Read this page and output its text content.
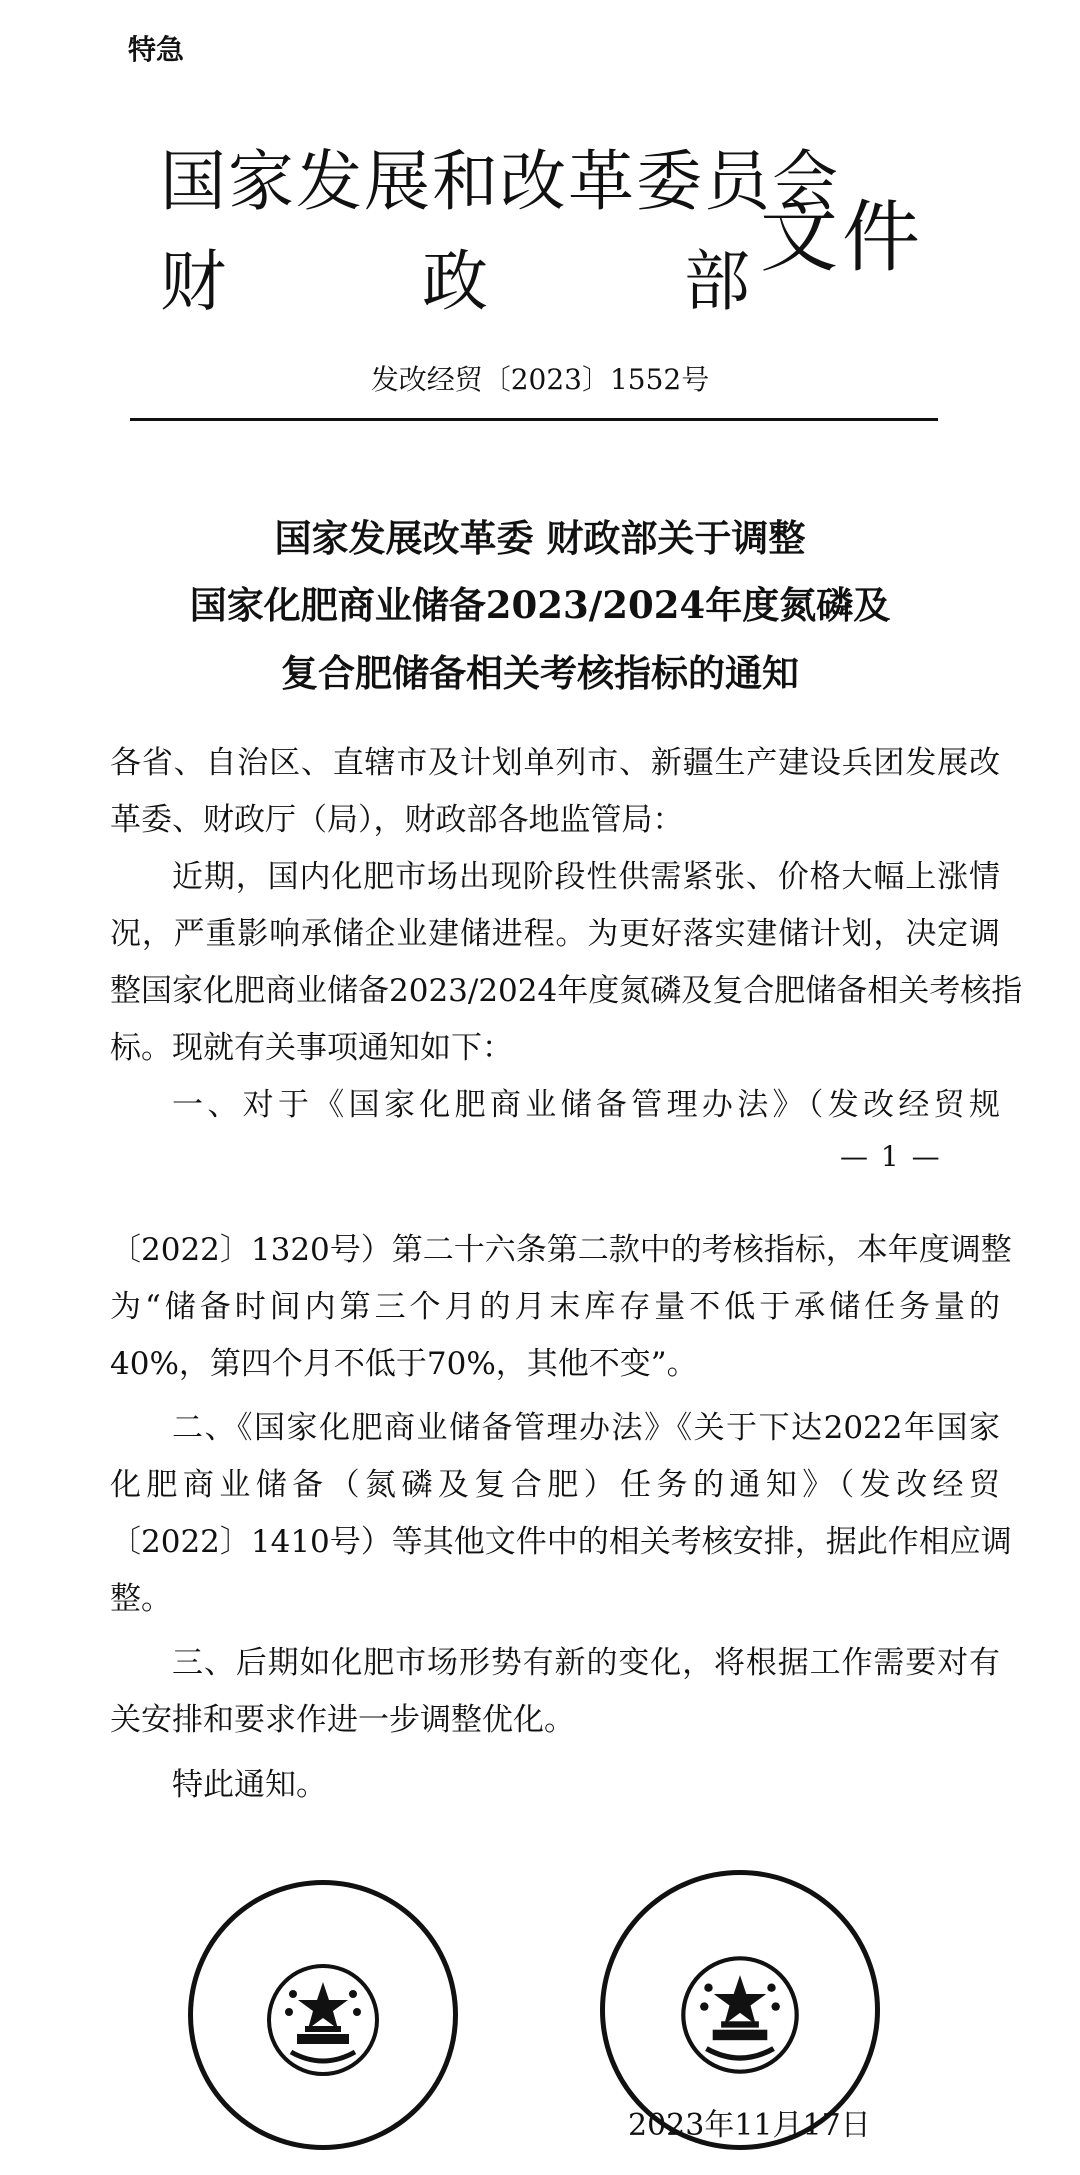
特急
国家发展和改革委员会
财	政	部 文件
发改经贸〔2023〕1552号
国家发展改革委 财政部关于调整
国家化肥商业储备2023/2024年度氮磷及
复合肥储备相关考核指标的通知
各省、自治区、直辖市及计划单列市、新疆生产建设兵团发展改
革委、财政厅（局），财政部各地监管局：
近期，国内化肥市场出现阶段性供需紧张、价格大幅上涨情
况，严重影响承储企业建储进程。为更好落实建储计划，决定调
整国家化肥商业储备2023/2024年度氮磷及复合肥储备相关考核指
标。现就有关事项通知如下：
一、对于《国家化肥商业储备管理办法》（发改经贸规
— 1 —
〔2022〕1320号）第二十六条第二款中的考核指标，本年度调整
为“储备时间内第三个月的月末库存量不低于承储任务量的
40%，第四个月不低于70%，其他不变”。
二、《国家化肥商业储备管理办法》《关于下达2022年国家
化肥商业储备（氮磷及复合肥）任务的通知》（发改经贸
〔2022〕1410号）等其他文件中的相关考核安排，据此作相应调
整。
三、后期如化肥市场形势有新的变化，将根据工作需要对有
关安排和要求作进一步调整优化。
特此通知。
2023年11月17日
